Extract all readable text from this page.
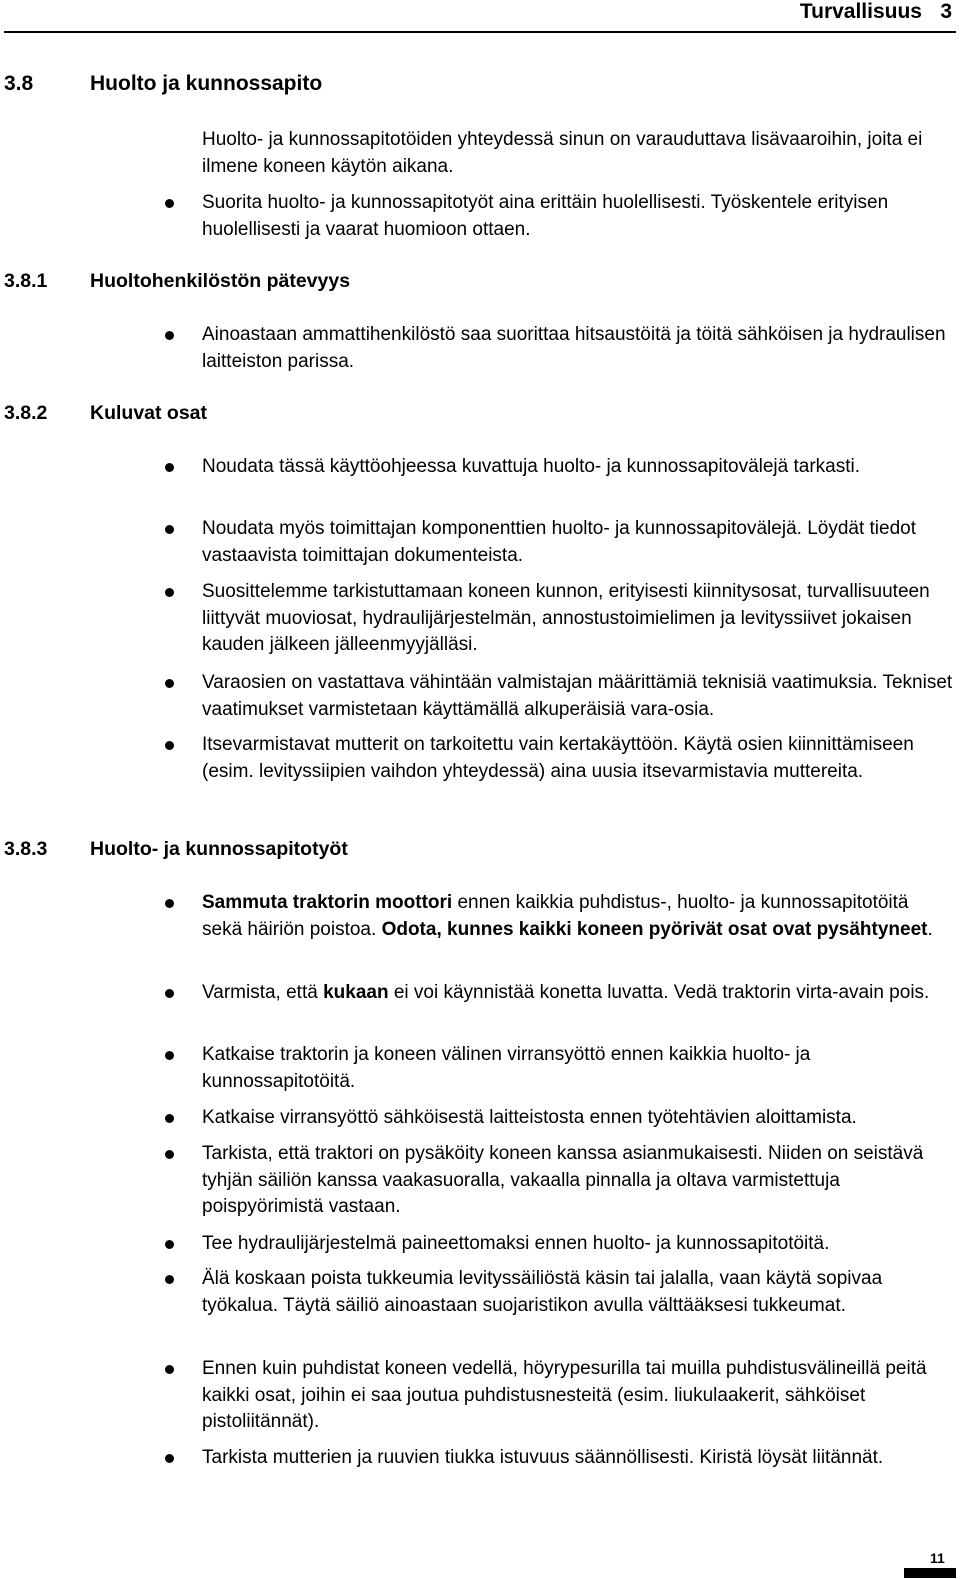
Turvallisuus 3
3.8	Huolto ja kunnossapito
Huolto- ja kunnossapitotöiden yhteydessä sinun on varauduttava lisävaaroihin, joita ei ilmene koneen käytön aikana.
Suorita huolto- ja kunnossapitotyöt aina erittäin huolellisesti. Työskentele erityisen huolellisesti ja vaarat huomioon ottaen.
3.8.1 Huoltohenkilöstön pätevyys
Ainoastaan ammattihenkilöstö saa suorittaa hitsaustöitä ja töitä sähköisen ja hydraulisen laitteiston parissa.
3.8.2 Kuluvat osat
Noudata tässä käyttöohjeessa kuvattuja huolto- ja kunnossapitovälejä tarkasti.
Noudata myös toimittajan komponenttien huolto- ja kunnossapitovälejä. Löydät tiedot vastaavista toimittajan dokumenteista.
Suosittelemme tarkistuttamaan koneen kunnon, erityisesti kiinnitysosat, turvallisuuteen liittyvät muoviosat, hydraulijärjestelmän, annostustoimielimen ja levityssiivet jokaisen kauden jälkeen jälleenmyyjälläsi.
Varaosien on vastattava vähintään valmistajan määrittämiä teknisiä vaatimuksia. Tekniset vaatimukset varmistetaan käyttämällä alkuperäisiä vara-osia.
Itsevarmistavat mutterit on tarkoitettu vain kertakäyttöön. Käytä osien kiinnittämiseen (esim. levityssiipien vaihdon yhteydessä) aina uusia itsevarmistavia muttereita.
3.8.3 Huolto- ja kunnossapitotyöt
Sammuta traktorin moottori ennen kaikkia puhdistus-, huolto- ja kunnossapitotöitä sekä häiriön poistoa. Odota, kunnes kaikki koneen pyörivät osat ovat pysähtyneet.
Varmista, että kukaan ei voi käynnistää konetta luvatta. Vedä traktorin virta-avain pois.
Katkaise traktorin ja koneen välinen virransyöttö ennen kaikkia huolto- ja kunnossapitotöitä.
Katkaise virransyöttö sähköisestä laitteistosta ennen työtehtävien aloittamista.
Tarkista, että traktori on pysäköity koneen kanssa asianmukaisesti. Niiden on seistävä tyhjän säiliön kanssa vaakasuoralla, vakaalla pinnalla ja oltava varmistettuja poispyörimistä vastaan.
Tee hydraulijärjestelmä paineettomaksi ennen huolto- ja kunnossapitotöitä.
Älä koskaan poista tukkeumia levityssäiliöstä käsin tai jalalla, vaan käytä sopivaa työkalua. Täytä säiliö ainoastaan suojaristikon avulla välttääksesi tukkeumat.
Ennen kuin puhdistat koneen vedellä, höyrypesurilla tai muilla puhdistusvälineillä peitä kaikki osat, joihin ei saa joutua puhdistusnesteitä (esim. liukulaakerit, sähköiset pistoliitännät).
Tarkista mutterien ja ruuvien tiukka istuvuus säännöllisesti. Kiristä löysät liitännät.
11
